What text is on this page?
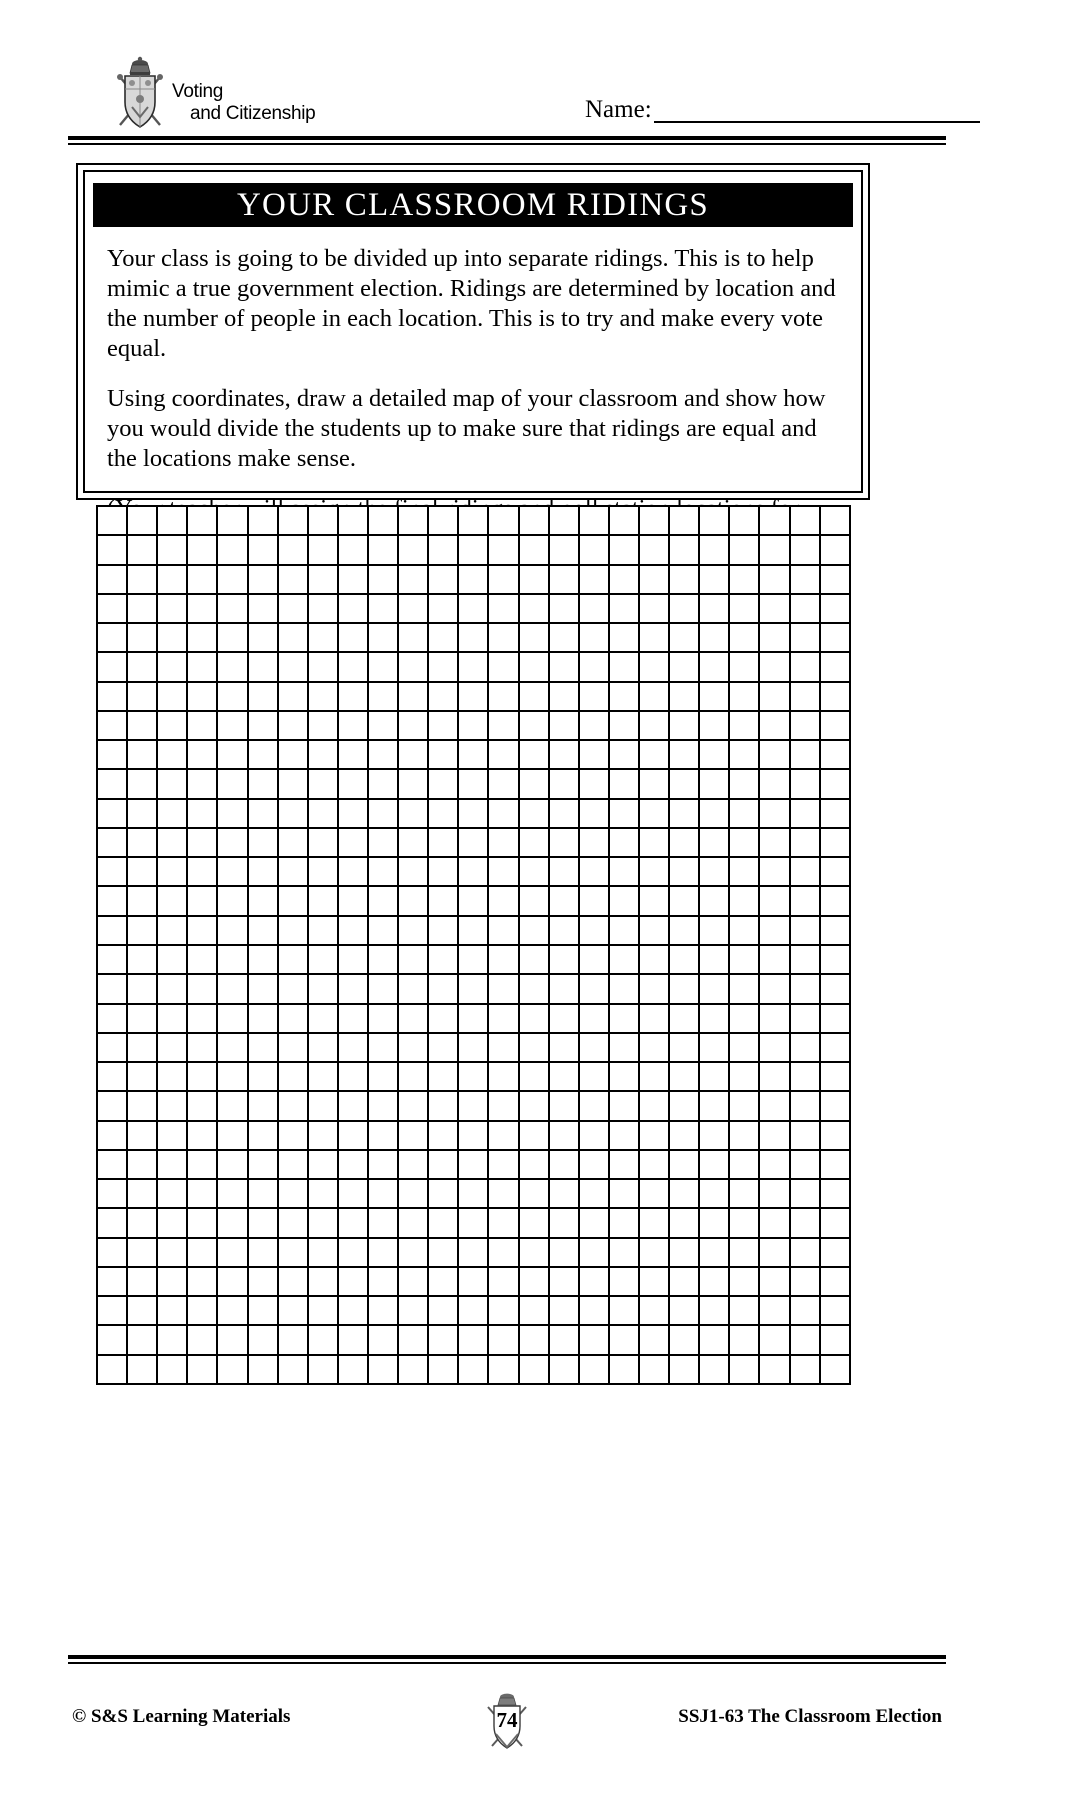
Voting
and Citizenship	Name:
YOUR CLASSROOM RIDINGS

Your class is going to be divided up into separate ridings. This is to help mimic a true government election. Ridings are determined by location and the number of people in each location. This is to try and make every vote equal.

Using coordinates, draw a detailed map of your classroom and show how you would divide the students up to make sure that ridings are equal and the locations make sense.

© S&S Learning Materials	74	SSJ1-63 The Classroom Election
